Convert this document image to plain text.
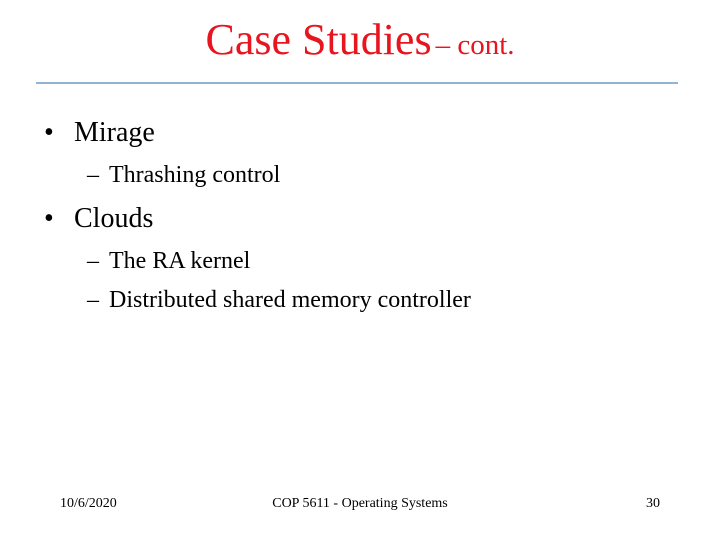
Case Studies – cont.
• Mirage
– Thrashing control
• Clouds
– The RA kernel
– Distributed shared memory controller
10/6/2020	COP 5611 - Operating Systems	30
